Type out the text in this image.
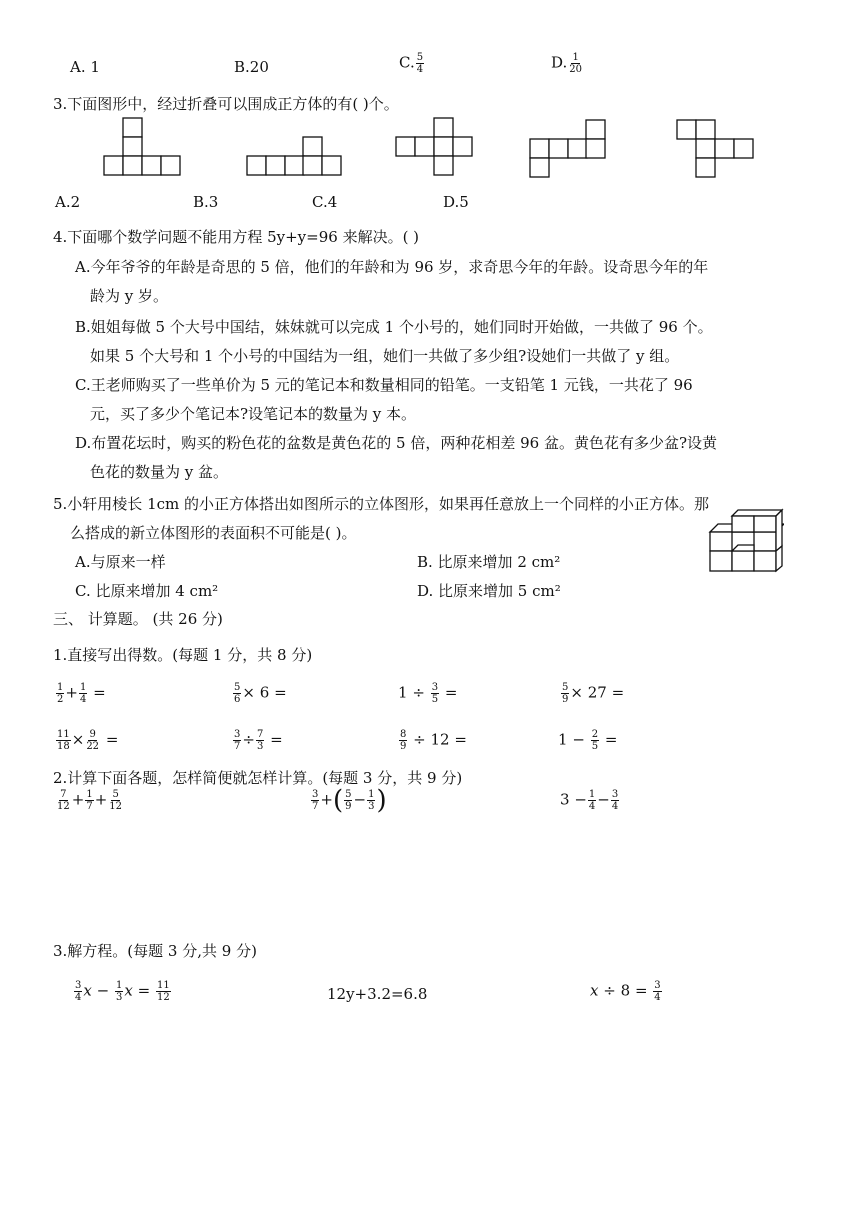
A. 1	B.20	C. $\frac{5}{4}$	D. $\frac{1}{20}$
3.下面图形中，经过折叠可以围成正方体的有( )个。
A.2	B.3	C.4	D.5
4.下面哪个数学问题不能用方程 5y+y=96 来解决。( )
A.今年爷爷的年龄是奇思的 5 倍，他们的年龄和为 96 岁，求奇思今年的年龄。设奇思今年的年
龄为 y 岁。
B.姐姐每做 5 个大号中国结，妹妹就可以完成 1 个小号的，她们同时开始做，一共做了 96 个。
如果 5 个大号和 1 个小号的中国结为一组，她们一共做了多少组?设她们一共做了 y 组。
C.王老师购买了一些单价为 5 元的笔记本和数量相同的铅笔。一支铅笔 1 元钱，一共花了 96
元，买了多少个笔记本?设笔记本的数量为 y 本。
D.布置花坛时，购买的粉色花的盆数是黄色花的 5 倍，两种花相差 96 盆。黄色花有多少盆?设黄
色花的数量为 y 盆。
5.小轩用棱长 1cm 的小正方体搭出如图所示的立体图形，如果再任意放上一个同样的小正方体。那
么搭成的新立体图形的表面积不可能是( )。
A.与原来一样	B. 比原来增加 2 cm²
C. 比原来增加 4 cm²	D. 比原来增加 5 cm²
三、 计算题。 (共 26 分)
1.直接写出得数。(每题 1 分，共 8 分)
$\frac{1}{2} + \frac{1}{4}$ =	$\frac{5}{6} \times 6$ =	$1 \div \frac{3}{5}$ =	$\frac{5}{9} \times 27$ =
$\frac{11}{18} \times \frac{9}{22}$ =	$\frac{3}{7} \div \frac{7}{3}$ =	$\frac{8}{9} \div 12$ =	$1 - \frac{2}{5}$ =
2.计算下面各题，怎样简便就怎样计算。(每题 3 分，共 9 分)
$\frac{7}{12} + \frac{1}{7} + \frac{5}{12}$	$\frac{3}{7}$ +( $\frac{5}{9} - \frac{1}{3}$ )	$3 - \frac{1}{4} - \frac{3}{4}$
3.解方程。(每题 3 分,共 9 分)
$\frac{3}{4}$ $x - \frac{1}{3}$ $x = \frac{11}{12}$	12y+3.2=6.8	$x \div 8 = \frac{3}{4}$
